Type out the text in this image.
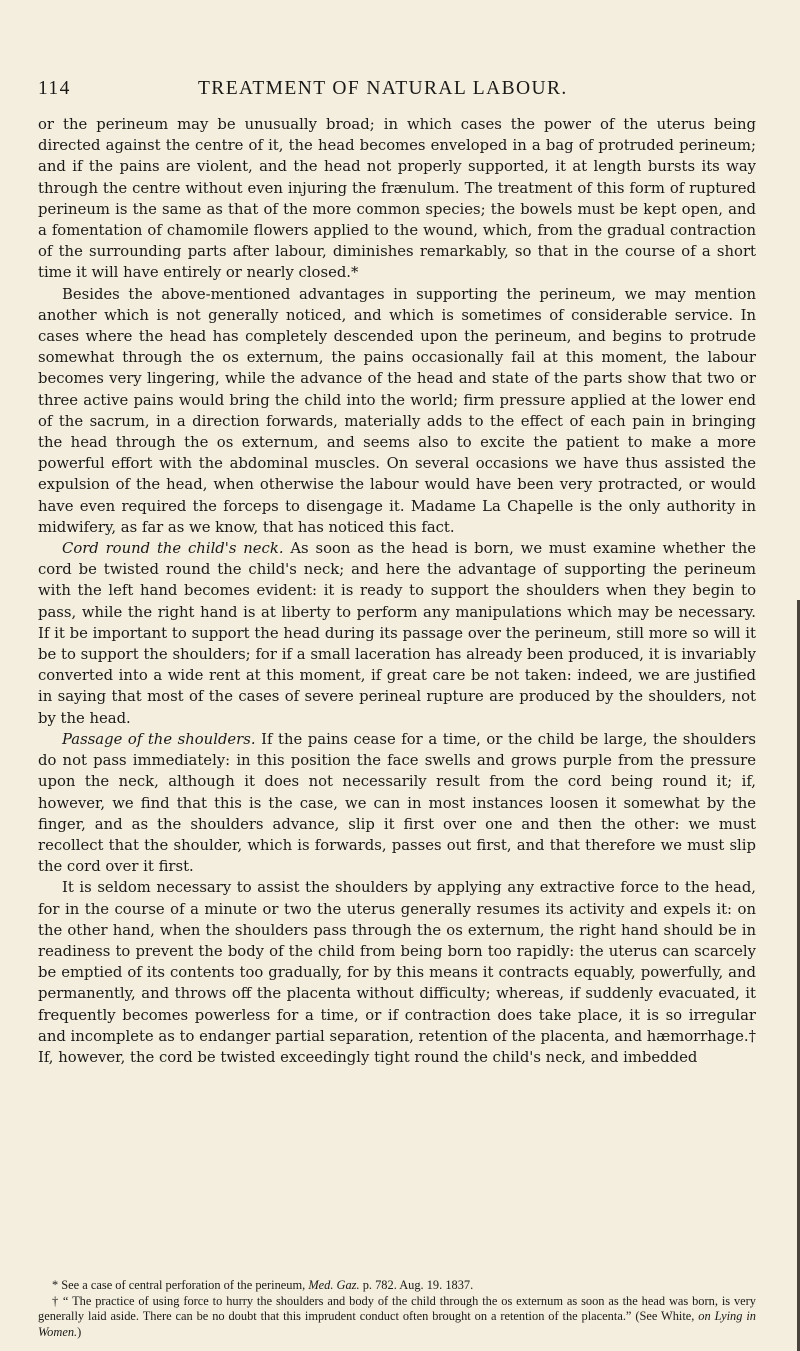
114	TREATMENT OF NATURAL LABOUR.

or the perineum may be unusually broad; in which cases the power of the uterus being directed against the centre of it, the head becomes enveloped in a bag of protruded perineum; and if the pains are violent, and the head not properly supported, it at length bursts its way through the centre without even injuring the frænulum. The treatment of this form of ruptured perineum is the same as that of the more common species; the bowels must be kept open, and a fomentation of chamomile flowers applied to the wound, which, from the gradual contraction of the surrounding parts after labour, diminishes remarkably, so that in the course of a short time it will have entirely or nearly closed.*

Besides the above-mentioned advantages in supporting the perineum, we may mention another which is not generally noticed, and which is sometimes of considerable service. In cases where the head has completely descended upon the perineum, and begins to protrude somewhat through the os externum, the pains occasionally fail at this moment, the labour becomes very lingering, while the advance of the head and state of the parts show that two or three active pains would bring the child into the world; firm pressure applied at the lower end of the sacrum, in a direction forwards, materially adds to the effect of each pain in bringing the head through the os externum, and seems also to excite the patient to make a more powerful effort with the abdominal muscles. On several occasions we have thus assisted the expulsion of the head, when otherwise the labour would have been very protracted, or would have even required the forceps to disengage it. Madame La Chapelle is the only authority in midwifery, as far as we know, that has noticed this fact.

Cord round the child's neck. As soon as the head is born, we must examine whether the cord be twisted round the child's neck; and here the advantage of supporting the perineum with the left hand becomes evident: it is ready to support the shoulders when they begin to pass, while the right hand is at liberty to perform any manipulations which may be necessary. If it be important to support the head during its passage over the perineum, still more so will it be to support the shoulders; for if a small laceration has already been produced, it is invariably converted into a wide rent at this moment, if great care be not taken: indeed, we are justified in saying that most of the cases of severe perineal rupture are produced by the shoulders, not by the head.

Passage of the shoulders. If the pains cease for a time, or the child be large, the shoulders do not pass immediately: in this position the face swells and grows purple from the pressure upon the neck, although it does not necessarily result from the cord being round it; if, however, we find that this is the case, we can in most instances loosen it somewhat by the finger, and as the shoulders advance, slip it first over one and then the other: we must recollect that the shoulder, which is forwards, passes out first, and that therefore we must slip the cord over it first.

It is seldom necessary to assist the shoulders by applying any extractive force to the head, for in the course of a minute or two the uterus generally resumes its activity and expels it: on the other hand, when the shoulders pass through the os externum, the right hand should be in readiness to prevent the body of the child from being born too rapidly: the uterus can scarcely be emptied of its contents too gradually, for by this means it contracts equably, powerfully, and permanently, and throws off the placenta without difficulty; whereas, if suddenly evacuated, it frequently becomes powerless for a time, or if contraction does take place, it is so irregular and incomplete as to endanger partial separation, retention of the placenta, and hæmorrhage.† If, however, the cord be twisted exceedingly tight round the child's neck, and imbedded

* See a case of central perforation of the perineum, Med. Gaz. p. 782. Aug. 19. 1837.

† “ The practice of using force to hurry the shoulders and body of the child through the os externum as soon as the head was born, is very generally laid aside. There can be no doubt that this imprudent conduct often brought on a retention of the placenta.” (See White, on Lying in Women.)
